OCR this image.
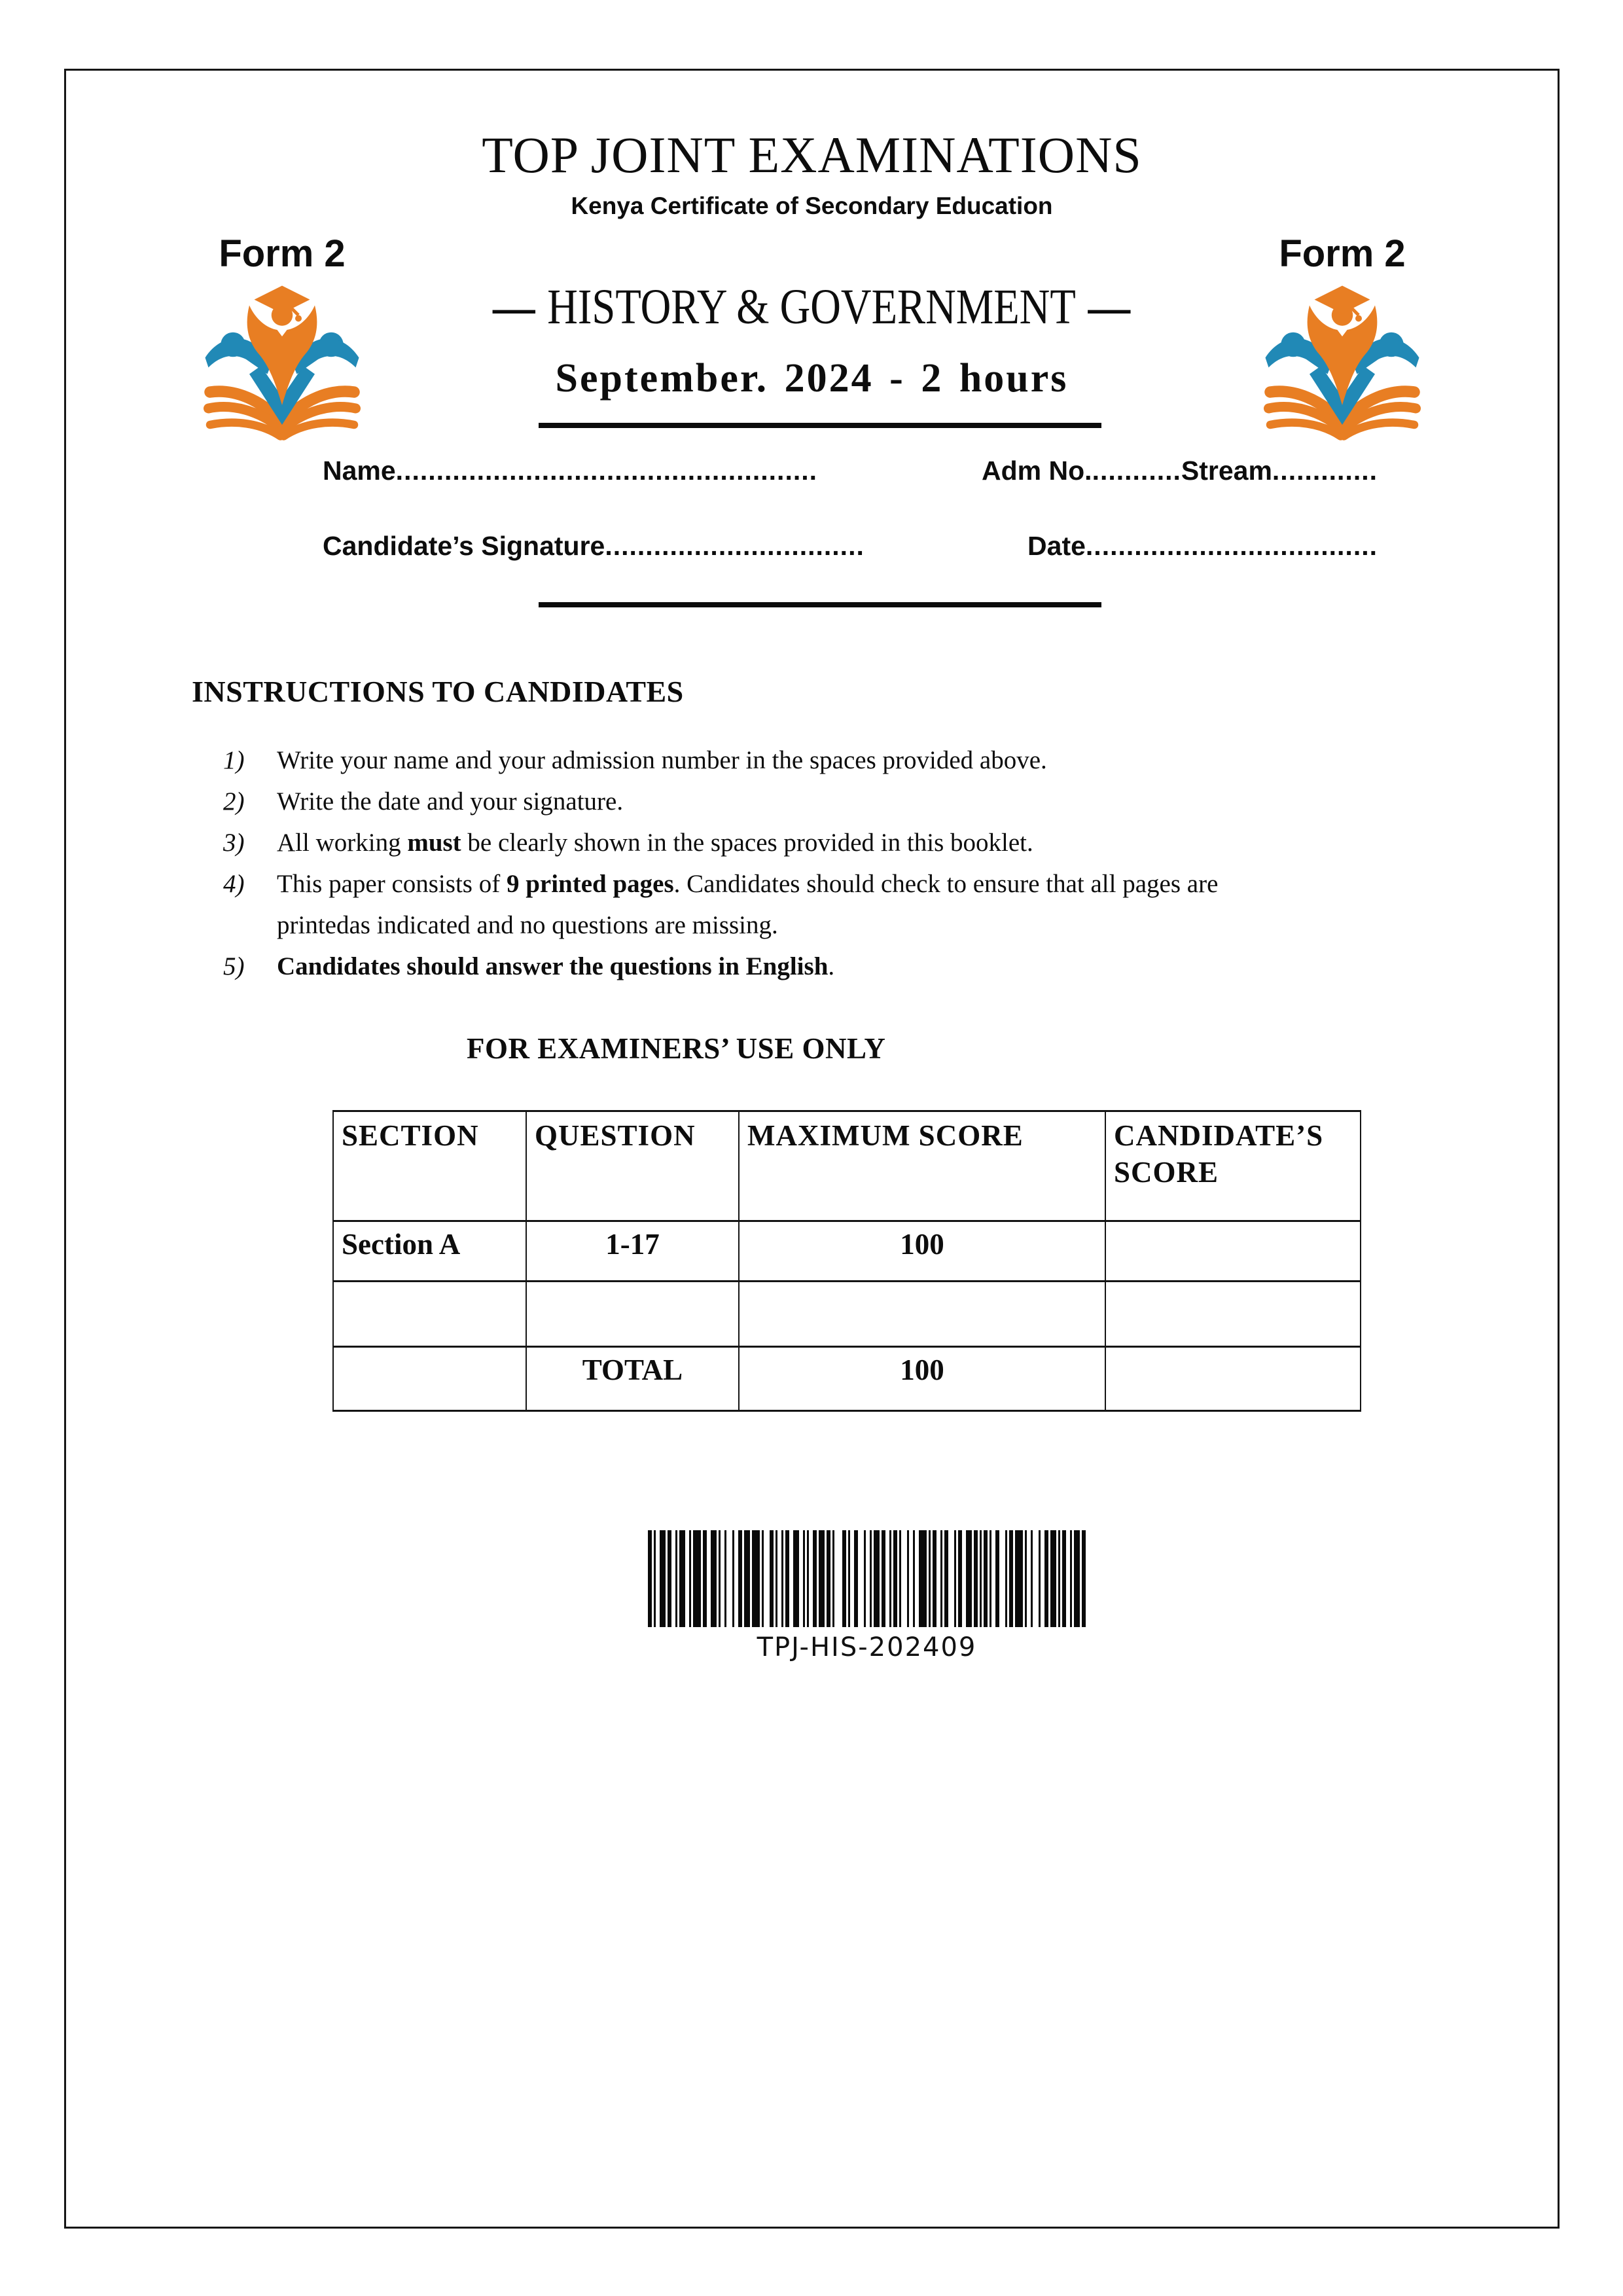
TOP JOINT EXAMINATIONS
Kenya Certificate of Secondary Education
Form 2	Form 2
— HISTORY & GOVERNMENT —
September. 2024 - 2 hours
Name....................................................	Adm No............Stream.............
Candidate’s Signature................................	Date....................................
INSTRUCTIONS TO CANDIDATES
1)	Write your name and your admission number in the spaces provided above.
2)	Write the date and your signature.
3)	All working must be clearly shown in the spaces provided in this booklet.
4)	This paper consists of 9 printed pages. Candidates should check to ensure that all pages are printedas indicated and no questions are missing.
5)	Candidates should answer the questions in English.
FOR EXAMINERS’ USE ONLY
SECTION	QUESTION	MAXIMUM SCORE	CANDIDATE’S SCORE
Section A	1-17	100	

	TOTAL	100	
TPJ-HIS-202409
